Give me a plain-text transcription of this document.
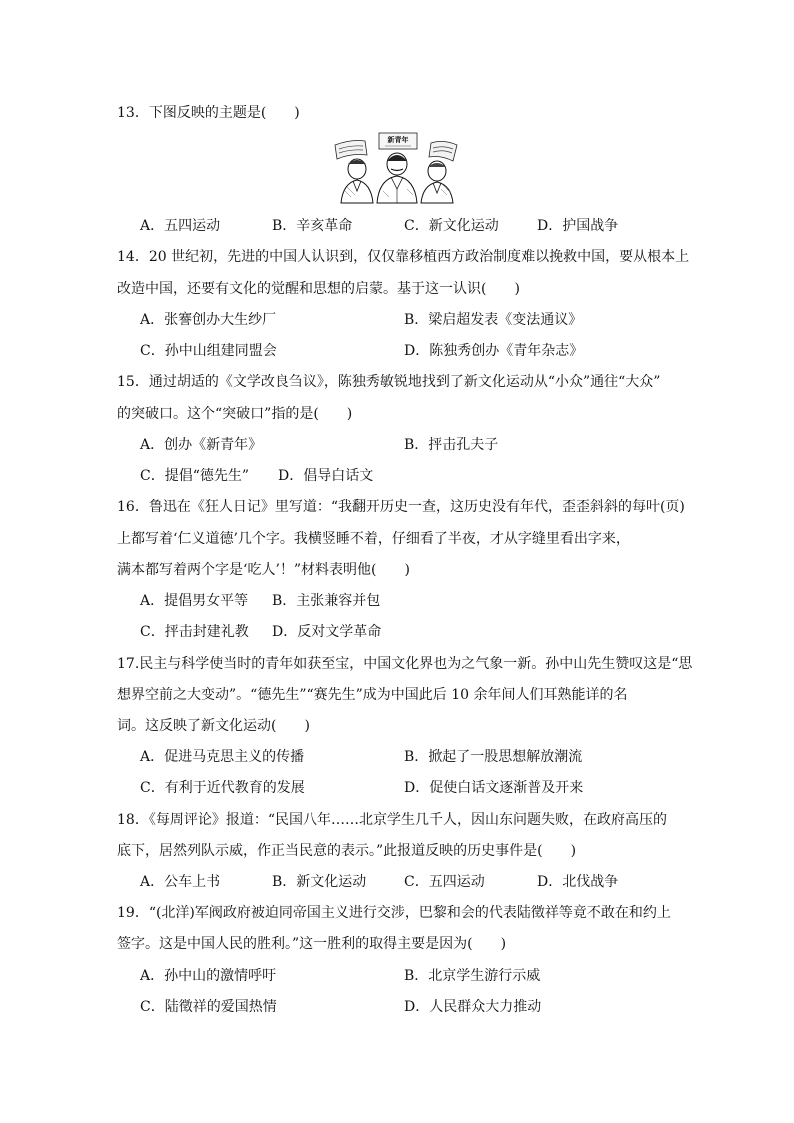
13．下图反映的主题是(　　)
新青年
A．五四运动	B．辛亥革命	C．新文化运动	D．护国战争
14．20 世纪初，先进的中国人认识到，仅仅靠移植西方政治制度难以挽救中国，要从根本上
改造中国，还要有文化的觉醒和思想的启蒙。基于这一认识(　　)
A．张謇创办大生纱厂	B．梁启超发表《变法通议》
C．孙中山组建同盟会	D．陈独秀创办《青年杂志》
15．通过胡适的《文学改良刍议》，陈独秀敏锐地找到了新文化运动从“小众”通往“大众”
的突破口。这个“突破口”指的是(　　)
A．创办《新青年》	B．抨击孔夫子
C．提倡“德先生” D．倡导白话文
16．鲁迅在《狂人日记》里写道：“我翻开历史一查，这历史没有年代，歪歪斜斜的每叶(页)
上都写着‘仁义道德’几个字。我横竖睡不着，仔细看了半夜，才从字缝里看出字来，
满本都写着两个字是‘吃人’！”材料表明他(　　)
A．提倡男女平等 B．主张兼容并包
C．抨击封建礼教 D．反对文学革命
17.民主与科学使当时的青年如获至宝，中国文化界也为之气象一新。孙中山先生赞叹这是“思
想界空前之大变动”。“德先生”“赛先生”成为中国此后 10 余年间人们耳熟能详的名
词。这反映了新文化运动(　　)
A．促进马克思主义的传播	B．掀起了一股思想解放潮流
C．有利于近代教育的发展	D．促使白话文逐渐普及开来
18．《每周评论》报道：“民国八年……北京学生几千人，因山东问题失败，在政府高压的
底下，居然列队示威，作正当民意的表示。”此报道反映的历史事件是(　　)
A．公车上书	B．新文化运动	C．五四运动	D．北伐战争
19．“(北洋)军阀政府被迫同帝国主义进行交涉，巴黎和会的代表陆徵祥等竟不敢在和约上
签字。这是中国人民的胜利。”这一胜利的取得主要是因为(　　)
A．孙中山的激情呼吁	B．北京学生游行示威
C．陆徵祥的爱国热情	D．人民群众大力推动
